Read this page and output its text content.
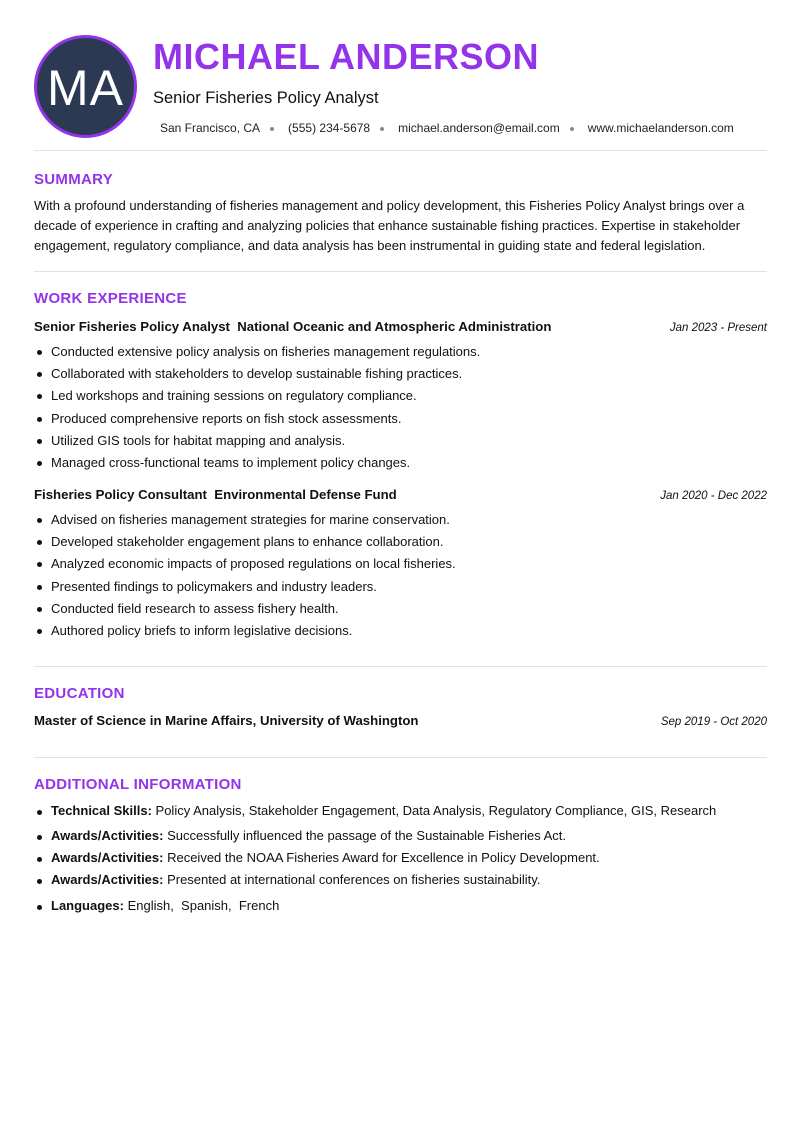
MA
MICHAEL ANDERSON
Senior Fisheries Policy Analyst
San Francisco, CA (555) 234-5678 michael.anderson@email.com www.michaelanderson.com
SUMMARY
With a profound understanding of fisheries management and policy development, this Fisheries Policy Analyst brings over a decade of experience in crafting and analyzing policies that enhance sustainable fishing practices. Expertise in stakeholder engagement, regulatory compliance, and data analysis has been instrumental in guiding state and federal legislation.
WORK EXPERIENCE
Senior Fisheries Policy Analyst  National Oceanic and Atmospheric Administration	Jan 2023 - Present
Conducted extensive policy analysis on fisheries management regulations.
Collaborated with stakeholders to develop sustainable fishing practices.
Led workshops and training sessions on regulatory compliance.
Produced comprehensive reports on fish stock assessments.
Utilized GIS tools for habitat mapping and analysis.
Managed cross-functional teams to implement policy changes.
Fisheries Policy Consultant  Environmental Defense Fund	Jan 2020 - Dec 2022
Advised on fisheries management strategies for marine conservation.
Developed stakeholder engagement plans to enhance collaboration.
Analyzed economic impacts of proposed regulations on local fisheries.
Presented findings to policymakers and industry leaders.
Conducted field research to assess fishery health.
Authored policy briefs to inform legislative decisions.
EDUCATION
Master of Science in Marine Affairs, University of Washington	Sep 2019 - Oct 2020
ADDITIONAL INFORMATION
Technical Skills: Policy Analysis, Stakeholder Engagement, Data Analysis, Regulatory Compliance, GIS, Research
Awards/Activities: Successfully influenced the passage of the Sustainable Fisheries Act.
Awards/Activities: Received the NOAA Fisheries Award for Excellence in Policy Development.
Awards/Activities: Presented at international conferences on fisheries sustainability.
Languages: English,  Spanish,  French
